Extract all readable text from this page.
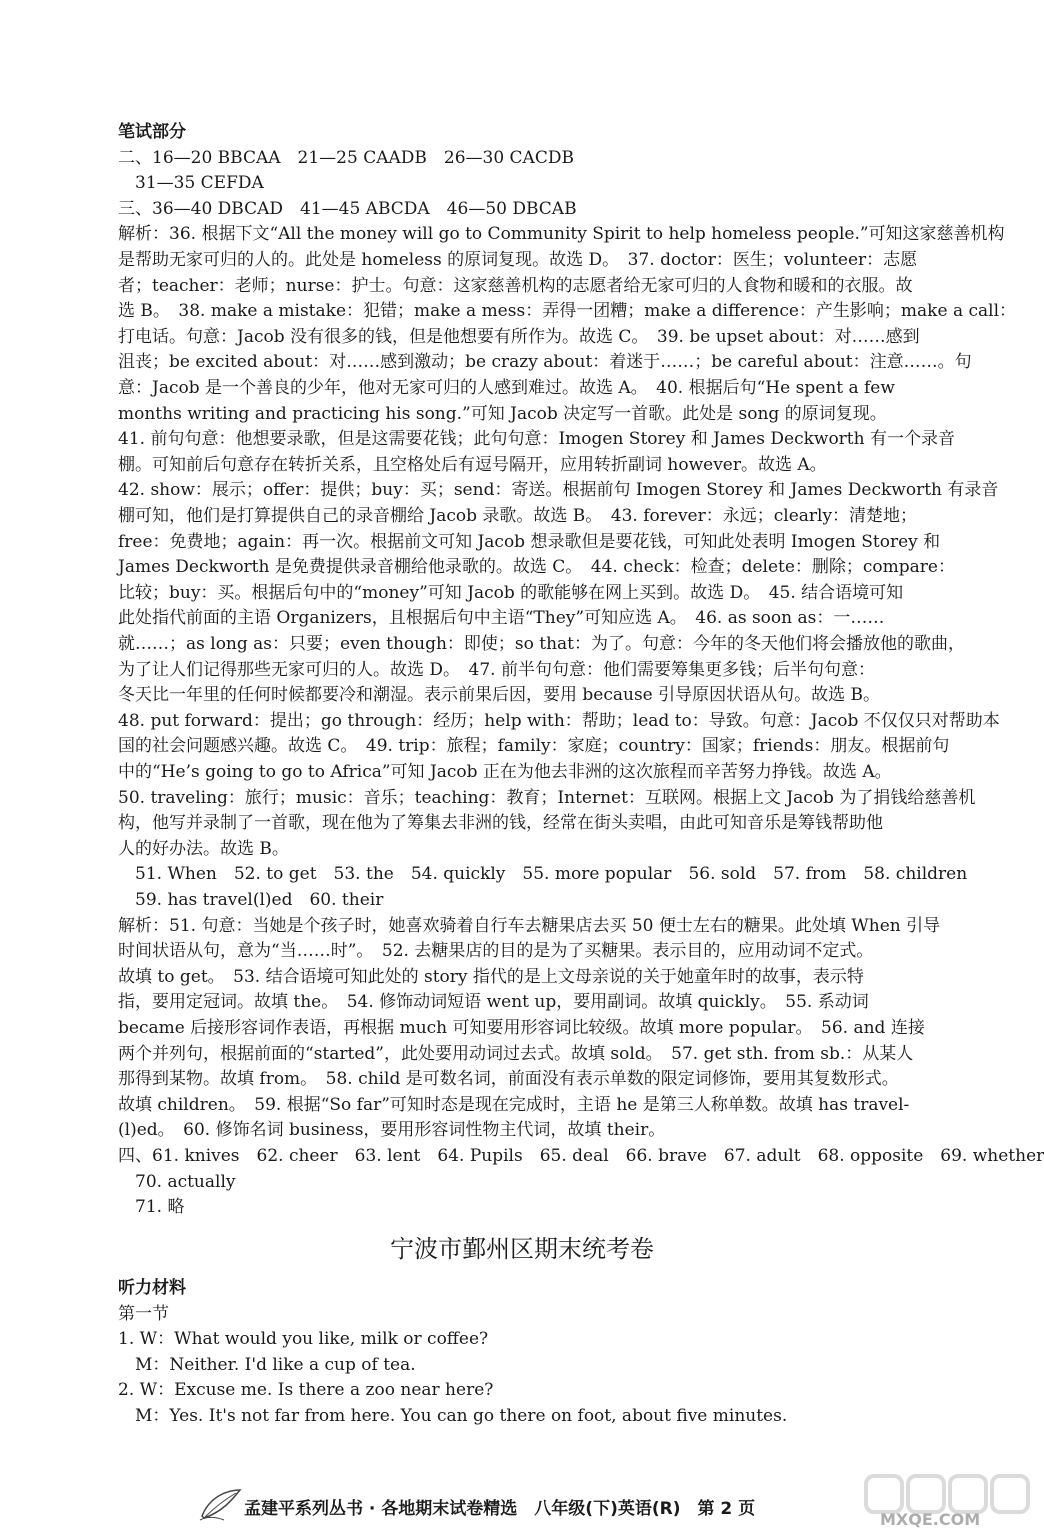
笔试部分
二、16—20 BBCAA　21—25 CAADB　26—30 CACDB
　31—35 CEFDA
三、36—40 DBCAD　41—45 ABCDA　46—50 DBCAB
解析：36. 根据下文“All the money will go to Community Spirit to help homeless people.”可知这家慈善机构
是帮助无家可归的人的。此处是 homeless 的原词复现。故选 D。　37. doctor：医生；volunteer：志愿
者；teacher：老师；nurse：护士。句意：这家慈善机构的志愿者给无家可归的人食物和暖和的衣服。故
选 B。　38. make a mistake：犯错；make a mess：弄得一团糟；make a difference：产生影响；make a call：
打电话。句意：Jacob 没有很多的钱，但是他想要有所作为。故选 C。　39. be upset about：对……感到
沮丧；be excited about：对……感到激动；be crazy about：着迷于……；be careful about：注意……。句
意：Jacob 是一个善良的少年，他对无家可归的人感到难过。故选 A。　40. 根据后句“He spent a few
months writing and practicing his song.”可知 Jacob 决定写一首歌。此处是 song 的原词复现。
41. 前句句意：他想要录歌，但是这需要花钱；此句句意：Imogen Storey 和 James Deckworth 有一个录音
棚。可知前后句意存在转折关系，且空格处后有逗号隔开，应用转折副词 however。故选 A。
42. show：展示；offer：提供；buy：买；send：寄送。根据前句 Imogen Storey 和 James Deckworth 有录音
棚可知，他们是打算提供自己的录音棚给 Jacob 录歌。故选 B。　43. forever：永远；clearly：清楚地；
free：免费地；again：再一次。根据前文可知 Jacob 想录歌但是要花钱，可知此处表明 Imogen Storey 和
James Deckworth 是免费提供录音棚给他录歌的。故选 C。　44. check：检查；delete：删除；compare：
比较；buy：买。根据后句中的“money”可知 Jacob 的歌能够在网上买到。故选 D。　45. 结合语境可知
此处指代前面的主语 Organizers，且根据后句中主语“They”可知应选 A。　46. as soon as：一……
就……；as long as：只要；even though：即使；so that：为了。句意：今年的冬天他们将会播放他的歌曲，
为了让人们记得那些无家可归的人。故选 D。　47. 前半句句意：他们需要筹集更多钱；后半句句意：
冬天比一年里的任何时候都要冷和潮湿。表示前果后因，要用 because 引导原因状语从句。故选 B。
48. put forward：提出；go through：经历；help with：帮助；lead to：导致。句意：Jacob 不仅仅只对帮助本
国的社会问题感兴趣。故选 C。　49. trip：旅程；family：家庭；country：国家；friends：朋友。根据前句
中的“He’s going to go to Africa”可知 Jacob 正在为他去非洲的这次旅程而辛苦努力挣钱。故选 A。
50. traveling：旅行；music：音乐；teaching：教育；Internet：互联网。根据上文 Jacob 为了捐钱给慈善机
构，他写并录制了一首歌，现在他为了筹集去非洲的钱，经常在街头卖唱，由此可知音乐是筹钱帮助他
人的好办法。故选 B。
　51. When　52. to get　53. the　54. quickly　55. more popular　56. sold　57. from　58. children
　59. has travel(l)ed　60. their
解析：51. 句意：当她是个孩子时，她喜欢骑着自行车去糖果店去买 50 便士左右的糖果。此处填 When 引导
时间状语从句，意为“当……时”。　52. 去糖果店的目的是为了买糖果。表示目的，应用动词不定式。
故填 to get。　53. 结合语境可知此处的 story 指代的是上文母亲说的关于她童年时的故事，表示特
指，要用定冠词。故填 the。　54. 修饰动词短语 went up，要用副词。故填 quickly。　55. 系动词
became 后接形容词作表语，再根据 much 可知要用形容词比较级。故填 more popular。　56. and 连接
两个并列句，根据前面的“started”，此处要用动词过去式。故填 sold。　57. get sth. from sb.：从某人
那得到某物。故填 from。　58. child 是可数名词，前面没有表示单数的限定词修饰，要用其复数形式。
故填 children。　59. 根据“So far”可知时态是现在完成时，主语 he 是第三人称单数。故填 has travel-
(l)ed。　60. 修饰名词 business，要用形容词性物主代词，故填 their。
四、61. knives　62. cheer　63. lent　64. Pupils　65. deal　66. brave　67. adult　68. opposite　69. whether
　70. actually
　71. 略
宁波市鄞州区期末统考卷
听力材料
第一节
1. W：What would you like, milk or coffee?
　M：Neither. I'd like a cup of tea.
2. W：Excuse me. Is there a zoo near here?
　M：Yes. It's not far from here. You can go there on foot, about five minutes.
孟建平系列丛书 · 各地期末试卷精选　八年级(下)英语(R)　第 2 页
MXQE.COM
